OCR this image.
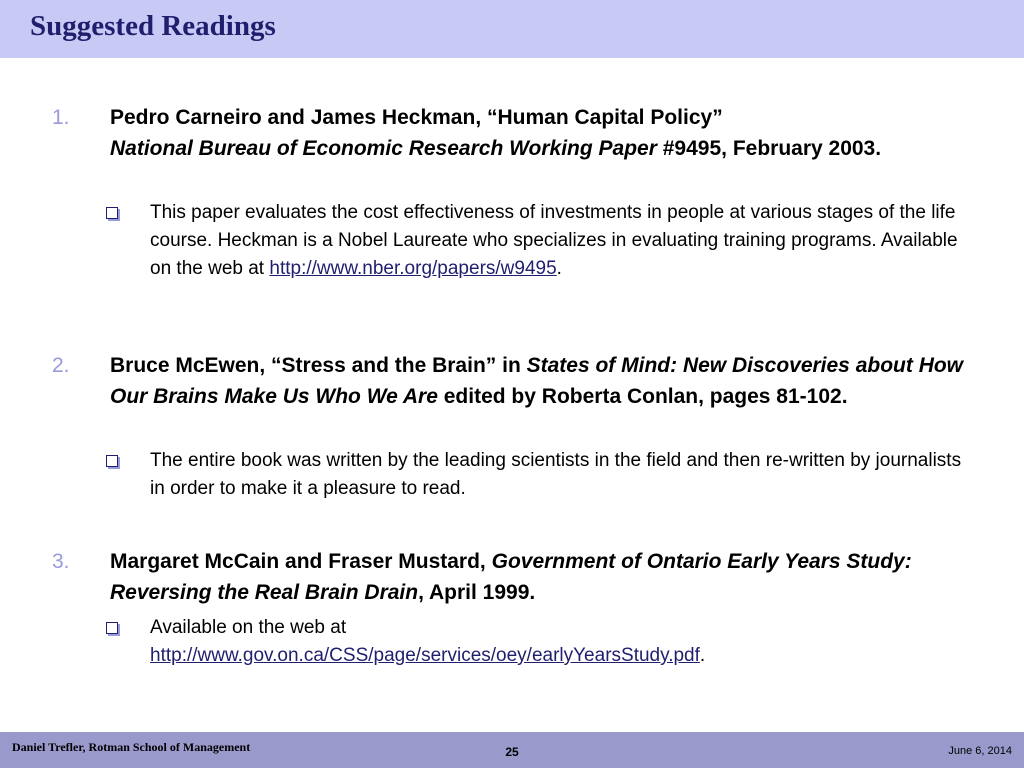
Suggested Readings
1. Pedro Carneiro and James Heckman, “Human Capital Policy”
National Bureau of Economic Research Working Paper #9495, February 2003.
This paper evaluates the cost effectiveness of investments in people at various stages of the life course. Heckman is a Nobel Laureate who specializes in evaluating training programs. Available on the web at http://www.nber.org/papers/w9495.
2. Bruce McEwen, “Stress and the Brain” in States of Mind: New Discoveries about How Our Brains Make Us Who We Are edited by Roberta Conlan, pages 81-102.
The entire book was written by the leading scientists in the field and then re-written by journalists in order to make it a pleasure to read.
3. Margaret McCain and Fraser Mustard, Government of Ontario Early Years Study: Reversing the Real Brain Drain, April 1999.
Available on the web at
http://www.gov.on.ca/CSS/page/services/oey/earlyYearsStudy.pdf.
Daniel Trefler, Rotman School of Management	25	June 6, 2014
